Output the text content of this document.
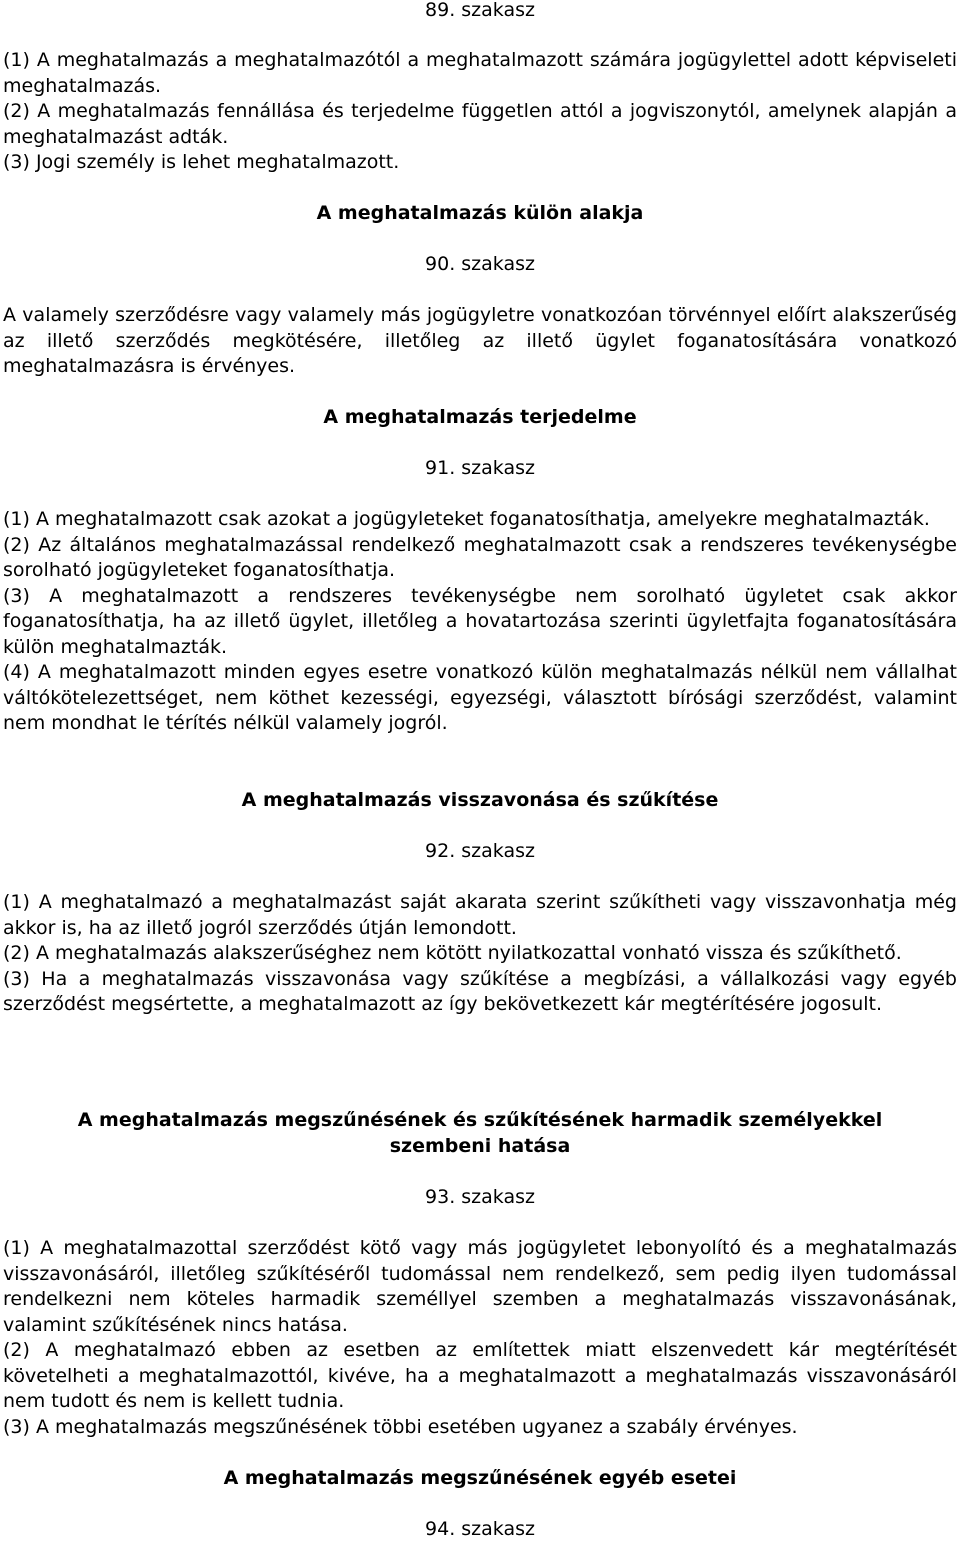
89. szakasz

(1) A meghatalmazás a meghatalmazótól a meghatalmazott számára jogügylettel adott képviseleti meghatalmazás.

(2) A meghatalmazás fennállása és terjedelme független attól a jogviszonytól, amelynek alapján a meghatalmazást adták.

(3) Jogi személy is lehet meghatalmazott.

A meghatalmazás külön alakja
90. szakasz

A valamely szerződésre vagy valamely más jogügyletre vonatkozóan törvénnyel előírt alakszerűség az illető szerződés megkötésére, illetőleg az illető ügylet foganatosítására vonatkozó meghatalmazásra is érvényes.

A meghatalmazás terjedelme
91. szakasz

(1) A meghatalmazott csak azokat a jogügyleteket foganatosíthatja, amelyekre meghatalmazták.

(2) Az általános meghatalmazással rendelkező meghatalmazott csak a rendszeres tevékenységbe sorolható jogügyleteket foganatosíthatja.

(3) A meghatalmazott a rendszeres tevékenységbe nem sorolható ügyletet csak akkor foganatosíthatja, ha az illető ügylet, illetőleg a hovatartozása szerinti ügyletfajta foganatosítására külön meghatalmazták.

(4) A meghatalmazott minden egyes esetre vonatkozó külön meghatalmazás nélkül nem vállalhat váltókötelezettséget, nem köthet kezességi, egyezségi, választott bírósági szerződést, valamint nem mondhat le térítés nélkül valamely jogról.

A meghatalmazás visszavonása és szűkítése
92. szakasz

(1) A meghatalmazó a meghatalmazást saját akarata szerint szűkítheti vagy visszavonhatja még akkor is, ha az illető jogról szerződés útján lemondott.

(2) A meghatalmazás alakszerűséghez nem kötött nyilatkozattal vonható vissza és szűkíthető.

(3) Ha a meghatalmazás visszavonása vagy szűkítése a megbízási, a vállalkozási vagy egyéb szerződést megsértette, a meghatalmazott az így bekövetkezett kár megtérítésére jogosult.

A meghatalmazás megszűnésének és szűkítésének harmadik személyekkel
szembeni hatása
93. szakasz

(1) A meghatalmazottal szerződést kötő vagy más jogügyletet lebonyolító és a meghatalmazás visszavonásáról, illetőleg szűkítéséről tudomással nem rendelkező, sem pedig ilyen tudomással rendelkezni nem köteles harmadik személlyel szemben a meghatalmazás visszavonásának, valamint szűkítésének nincs hatása.

(2) A meghatalmazó ebben az esetben az említettek miatt elszenvedett kár megtérítését követelheti a meghatalmazottól, kivéve, ha a meghatalmazott a meghatalmazás visszavonásáról nem tudott és nem is kellett tudnia.

(3) A meghatalmazás megszűnésének többi esetében ugyanez a szabály érvényes.

A meghatalmazás megszűnésének egyéb esetei
94. szakasz
